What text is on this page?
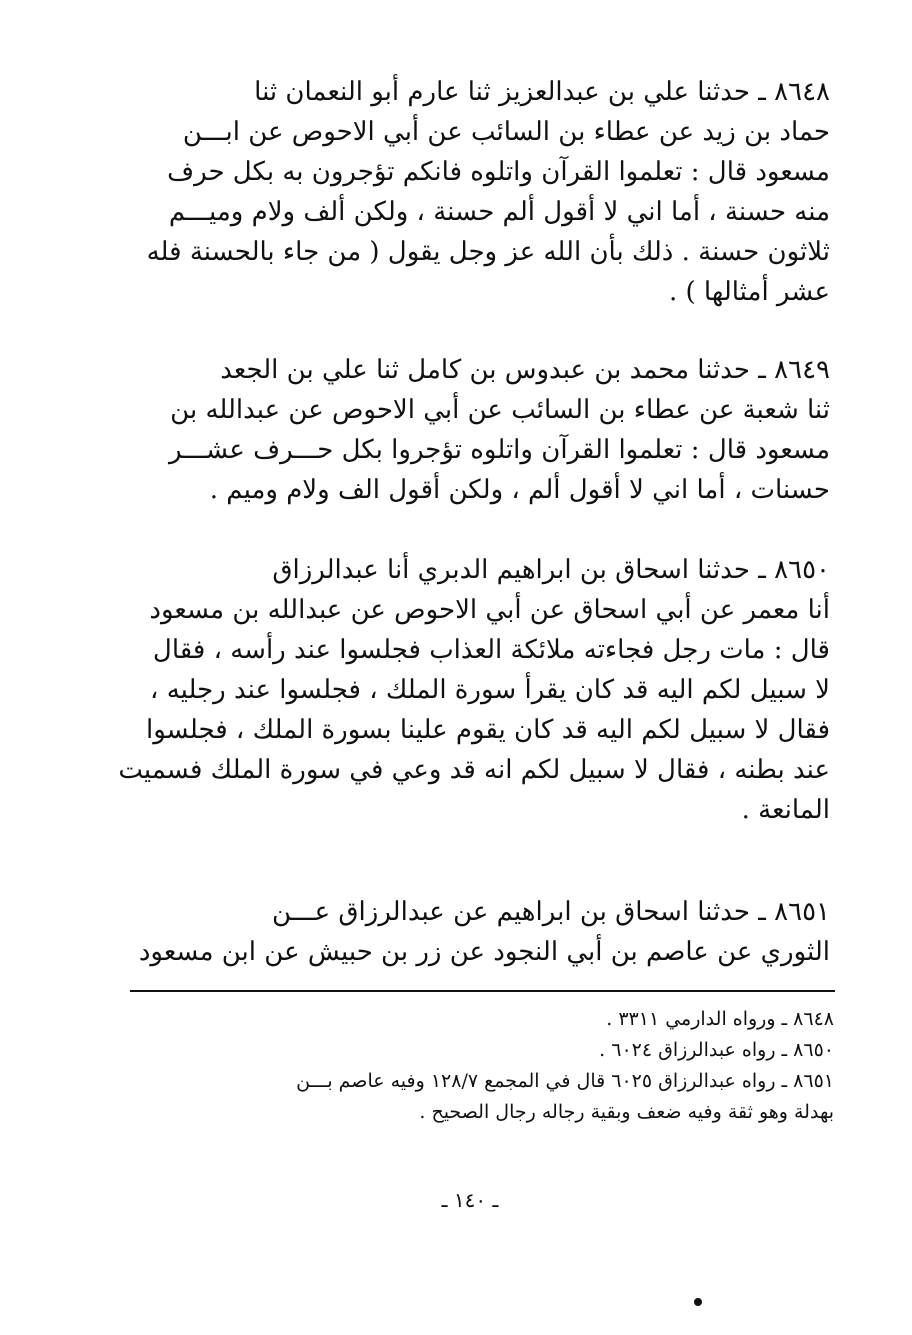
٨٦٤٨ ـ حدثنا علي بن عبدالعزيز ثنا عارم أبو النعمان ثنا
حماد بن زيد عن عطاء بن السائب عن أبي الاحوص عن ابـــن
مسعود قال : تعلموا القرآن واتلوه فانكم تؤجرون به بكل حرف
منه حسنة ، أما اني لا أقول ألم حسنة ، ولكن ألف ولام وميـــم
ثلاثون حسنة . ذلك بأن الله عز وجل يقول ( من جاء بالحسنة فله
عشر أمثالها ) .
٨٦٤٩ ـ حدثنا محمد بن عبدوس بن كامل ثنا علي بن الجعد
ثنا شعبة عن عطاء بن السائب عن أبي الاحوص عن عبدالله بن
مسعود قال : تعلموا القرآن واتلوه تؤجروا بكل حـــرف عشـــر
حسنات ، أما اني لا أقول ألم ، ولكن أقول الف ولام وميم .
٨٦٥٠ ـ حدثنا اسحاق بن ابراهيم الدبري أنا عبدالرزاق
أنا معمر عن أبي اسحاق عن أبي الاحوص عن عبدالله بن مسعود
قال : مات رجل فجاءته ملائكة العذاب فجلسوا عند رأسه ، فقال
لا سبيل لكم اليه قد كان يقرأ سورة الملك ، فجلسوا عند رجليه ،
فقال لا سبيل لكم اليه قد كان يقوم علينا بسورة الملك ، فجلسوا
عند بطنه ، فقال لا سبيل لكم انه قد وعي في سورة الملك فسميت
المانعة .
٨٦٥١ ـ حدثنا اسحاق بن ابراهيم عن عبدالرزاق عـــن
الثوري عن عاصم بن أبي النجود عن زر بن حبيش عن ابن مسعود
٨٦٤٨ ـ ورواه الدارمي ٣٣١١ .
٨٦٥٠ ـ رواه عبدالرزاق ٦٠٢٤ .
٨٦٥١ ـ رواه عبدالرزاق ٦٠٢٥ قال في المجمع ١٢٨/٧ وفيه عاصم بـــن
بهدلة وهو ثقة وفيه ضعف وبقية رجاله رجال الصحيح .
ـ ١٤٠ ـ
